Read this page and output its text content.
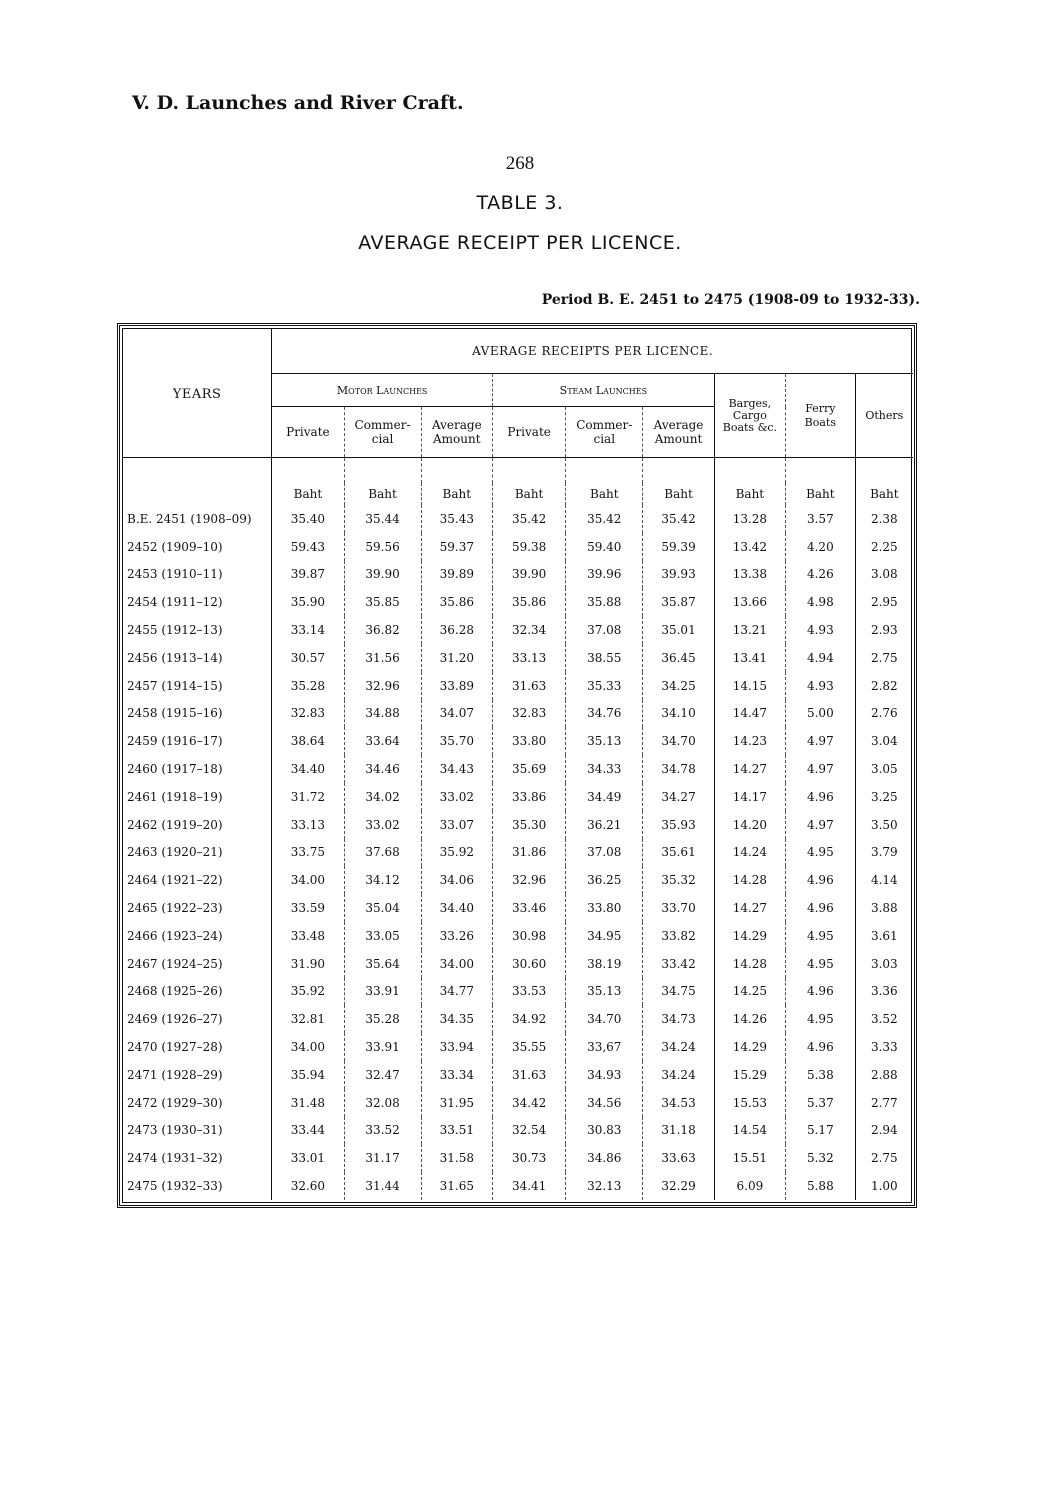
V. D. Launches and River Craft.
268
TABLE 3.
AVERAGE RECEIPT PER LICENCE.
Period B. E. 2451 to 2475 (1908-09 to 1932-33).
YEARS	AVERAGE RECEIPTS PER LICENCE.								
	Motor Launches			Steam Launches			Barges, Cargo Boats &c.	Ferry Boats	Others
	Private	Commer-cial	Average Amount	Private	Commer-cial	Average Amount			

	Baht	Baht	Baht	Baht	Baht	Baht	Baht	Baht	Baht
B.E. 2451 (1908–09)	35.40	35.44	35.43	35.42	35.42	35.42	13.28	3.57	2.38
2452 (1909–10)	59.43	59.56	59.37	59.38	59.40	59.39	13.42	4.20	2.25
2453 (1910–11)	39.87	39.90	39.89	39.90	39.96	39.93	13.38	4.26	3.08
2454 (1911–12)	35.90	35.85	35.86	35.86	35.88	35.87	13.66	4.98	2.95
2455 (1912–13)	33.14	36.82	36.28	32.34	37.08	35.01	13.21	4.93	2.93
2456 (1913–14)	30.57	31.56	31.20	33.13	38.55	36.45	13.41	4.94	2.75
2457 (1914–15)	35.28	32.96	33.89	31.63	35.33	34.25	14.15	4.93	2.82
2458 (1915–16)	32.83	34.88	34.07	32.83	34.76	34.10	14.47	5.00	2.76
2459 (1916–17)	38.64	33.64	35.70	33.80	35.13	34.70	14.23	4.97	3.04
2460 (1917–18)	34.40	34.46	34.43	35.69	34.33	34.78	14.27	4.97	3.05
2461 (1918–19)	31.72	34.02	33.02	33.86	34.49	34.27	14.17	4.96	3.25
2462 (1919–20)	33.13	33.02	33.07	35.30	36.21	35.93	14.20	4.97	3.50
2463 (1920–21)	33.75	37.68	35.92	31.86	37.08	35.61	14.24	4.95	3.79
2464 (1921–22)	34.00	34.12	34.06	32.96	36.25	35.32	14.28	4.96	4.14
2465 (1922–23)	33.59	35.04	34.40	33.46	33.80	33.70	14.27	4.96	3.88
2466 (1923–24)	33.48	33.05	33.26	30.98	34.95	33.82	14.29	4.95	3.61
2467 (1924–25)	31.90	35.64	34.00	30.60	38.19	33.42	14.28	4.95	3.03
2468 (1925–26)	35.92	33.91	34.77	33.53	35.13	34.75	14.25	4.96	3.36
2469 (1926–27)	32.81	35.28	34.35	34.92	34.70	34.73	14.26	4.95	3.52
2470 (1927–28)	34.00	33.91	33.94	35.55	33,67	34.24	14.29	4.96	3.33
2471 (1928–29)	35.94	32.47	33.34	31.63	34.93	34.24	15.29	5.38	2.88
2472 (1929–30)	31.48	32.08	31.95	34.42	34.56	34.53	15.53	5.37	2.77
2473 (1930–31)	33.44	33.52	33.51	32.54	30.83	31.18	14.54	5.17	2.94
2474 (1931–32)	33.01	31.17	31.58	30.73	34.86	33.63	15.51	5.32	2.75
2475 (1932–33)	32.60	31.44	31.65	34.41	32.13	32.29	6.09	5.88	1.00
